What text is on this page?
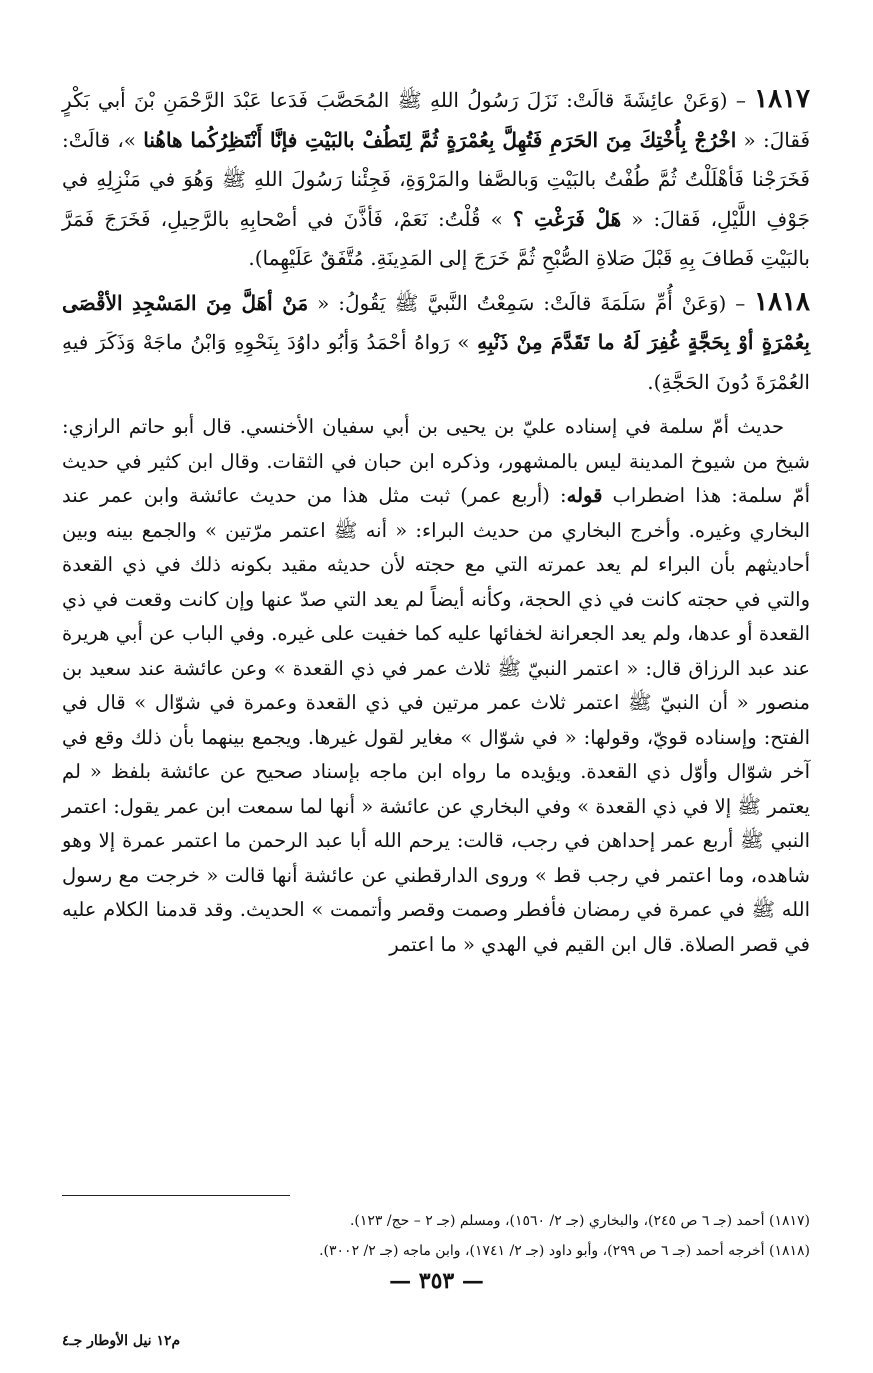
١٨١٧ – (وَعَنْ عائِشَةَ قالَتْ: نَزَلَ رَسُولُ اللهِ ﷺ المُحَصَّبَ فَدَعا عَبْدَ الرَّحْمَنِ بْنَ أبي بَكْرٍ فَقالَ: « اخْرُجْ بِأُخْتِكَ مِنَ الحَرَمِ فَتُهِلَّ بِعُمْرَةٍ ثُمَّ لِتَطُفْ بالبَيْتِ فإنَّا أَنْتَظِرُكُما هاهُنا »، قالَتْ: فَخَرَجْنا فَأهْلَلْتُ ثُمَّ طُفْتُ بالبَيْتِ وَبالصَّفا والمَرْوَةِ، فَجِئْنا رَسُولَ اللهِ ﷺ وَهُوَ في مَنْزِلِهِ في جَوْفِ اللَّيْلِ، فَقالَ: « هَلْ فَرَغْتِ ؟ » قُلْتُ: نَعَمْ، فَأذَّنَ في أصْحابِهِ بالرَّحِيلِ، فَخَرَجَ فَمَرَّ بالبَيْتِ فَطافَ بِهِ قَبْلَ صَلاةِ الصُّبْحِ ثُمَّ خَرَجَ إلى المَدِينَةِ. مُتَّفَقٌ عَلَيْهِما).

١٨١٨ – (وَعَنْ أُمِّ سَلَمَةَ قالَتْ: سَمِعْتُ النَّبيَّ ﷺ يَقُولُ: « مَنْ أهَلَّ مِنَ المَسْجِدِ الأقْصَى بِعُمْرَةٍ أوْ بِحَجَّةٍ غُفِرَ لَهُ ما تَقَدَّمَ مِنْ ذَنْبِهِ » رَواهُ أحْمَدُ وَأبُو داوُدَ بِنَحْوِهِ وَابْنُ ماجَهْ وَذَكَرَ فيهِ العُمْرَةَ دُونَ الحَجَّةِ).

حديث أمّ سلمة في إسناده عليّ بن يحيى بن أبي سفيان الأخنسي. قال أبو حاتم الرازي: شيخ من شيوخ المدينة ليس بالمشهور، وذكره ابن حبان في الثقات. وقال ابن كثير في حديث أمّ سلمة: هذا اضطراب قوله: (أربع عمر) ثبت مثل هذا من حديث عائشة وابن عمر عند البخاري وغيره. وأخرج البخاري من حديث البراء: « أنه ﷺ اعتمر مرّتين » والجمع بينه وبين أحاديثهم بأن البراء لم يعد عمرته التي مع حجته لأن حديثه مقيد بكونه ذلك في ذي القعدة والتي في حجته كانت في ذي الحجة، وكأنه أيضاً لم يعد التي صدّ عنها وإن كانت وقعت في ذي القعدة أو عدها، ولم يعد الجعرانة لخفائها عليه كما خفيت على غيره. وفي الباب عن أبي هريرة عند عبد الرزاق قال: « اعتمر النبيّ ﷺ ثلاث عمر في ذي القعدة » وعن عائشة عند سعيد بن منصور « أن النبيّ ﷺ اعتمر ثلاث عمر مرتين في ذي القعدة وعمرة في شوّال » قال في الفتح: وإسناده قويّ، وقولها: « في شوّال » مغاير لقول غيرها. ويجمع بينهما بأن ذلك وقع في آخر شوّال وأوّل ذي القعدة. ويؤيده ما رواه ابن ماجه بإسناد صحيح عن عائشة بلفظ « لم يعتمر ﷺ إلا في ذي القعدة » وفي البخاري عن عائشة « أنها لما سمعت ابن عمر يقول: اعتمر النبي ﷺ أربع عمر إحداهن في رجب، قالت: يرحم الله أبا عبد الرحمن ما اعتمر عمرة إلا وهو شاهده، وما اعتمر في رجب قط » وروى الدارقطني عن عائشة أنها قالت « خرجت مع رسول الله ﷺ في عمرة في رمضان فأفطر وصمت وقصر وأتممت » الحديث. وقد قدمنا الكلام عليه في قصر الصلاة. قال ابن القيم في الهدي « ما اعتمر

(١٨١٧) أحمد (جـ ٦ ص ٢٤٥)، والبخاري (جـ ٢/ ١٥٦٠)، ومسلم (جـ ٢ – حج/ ١٢٣).

(١٨١٨) أخرجه أحمد (جـ ٦ ص ٢٩٩)، وأبو داود (جـ ٢/ ١٧٤١)، وابن ماجه (جـ ٢/ ٣٠٠٢).

— ٣٥٣ —
م١٢ نيل الأوطار جـ٤
